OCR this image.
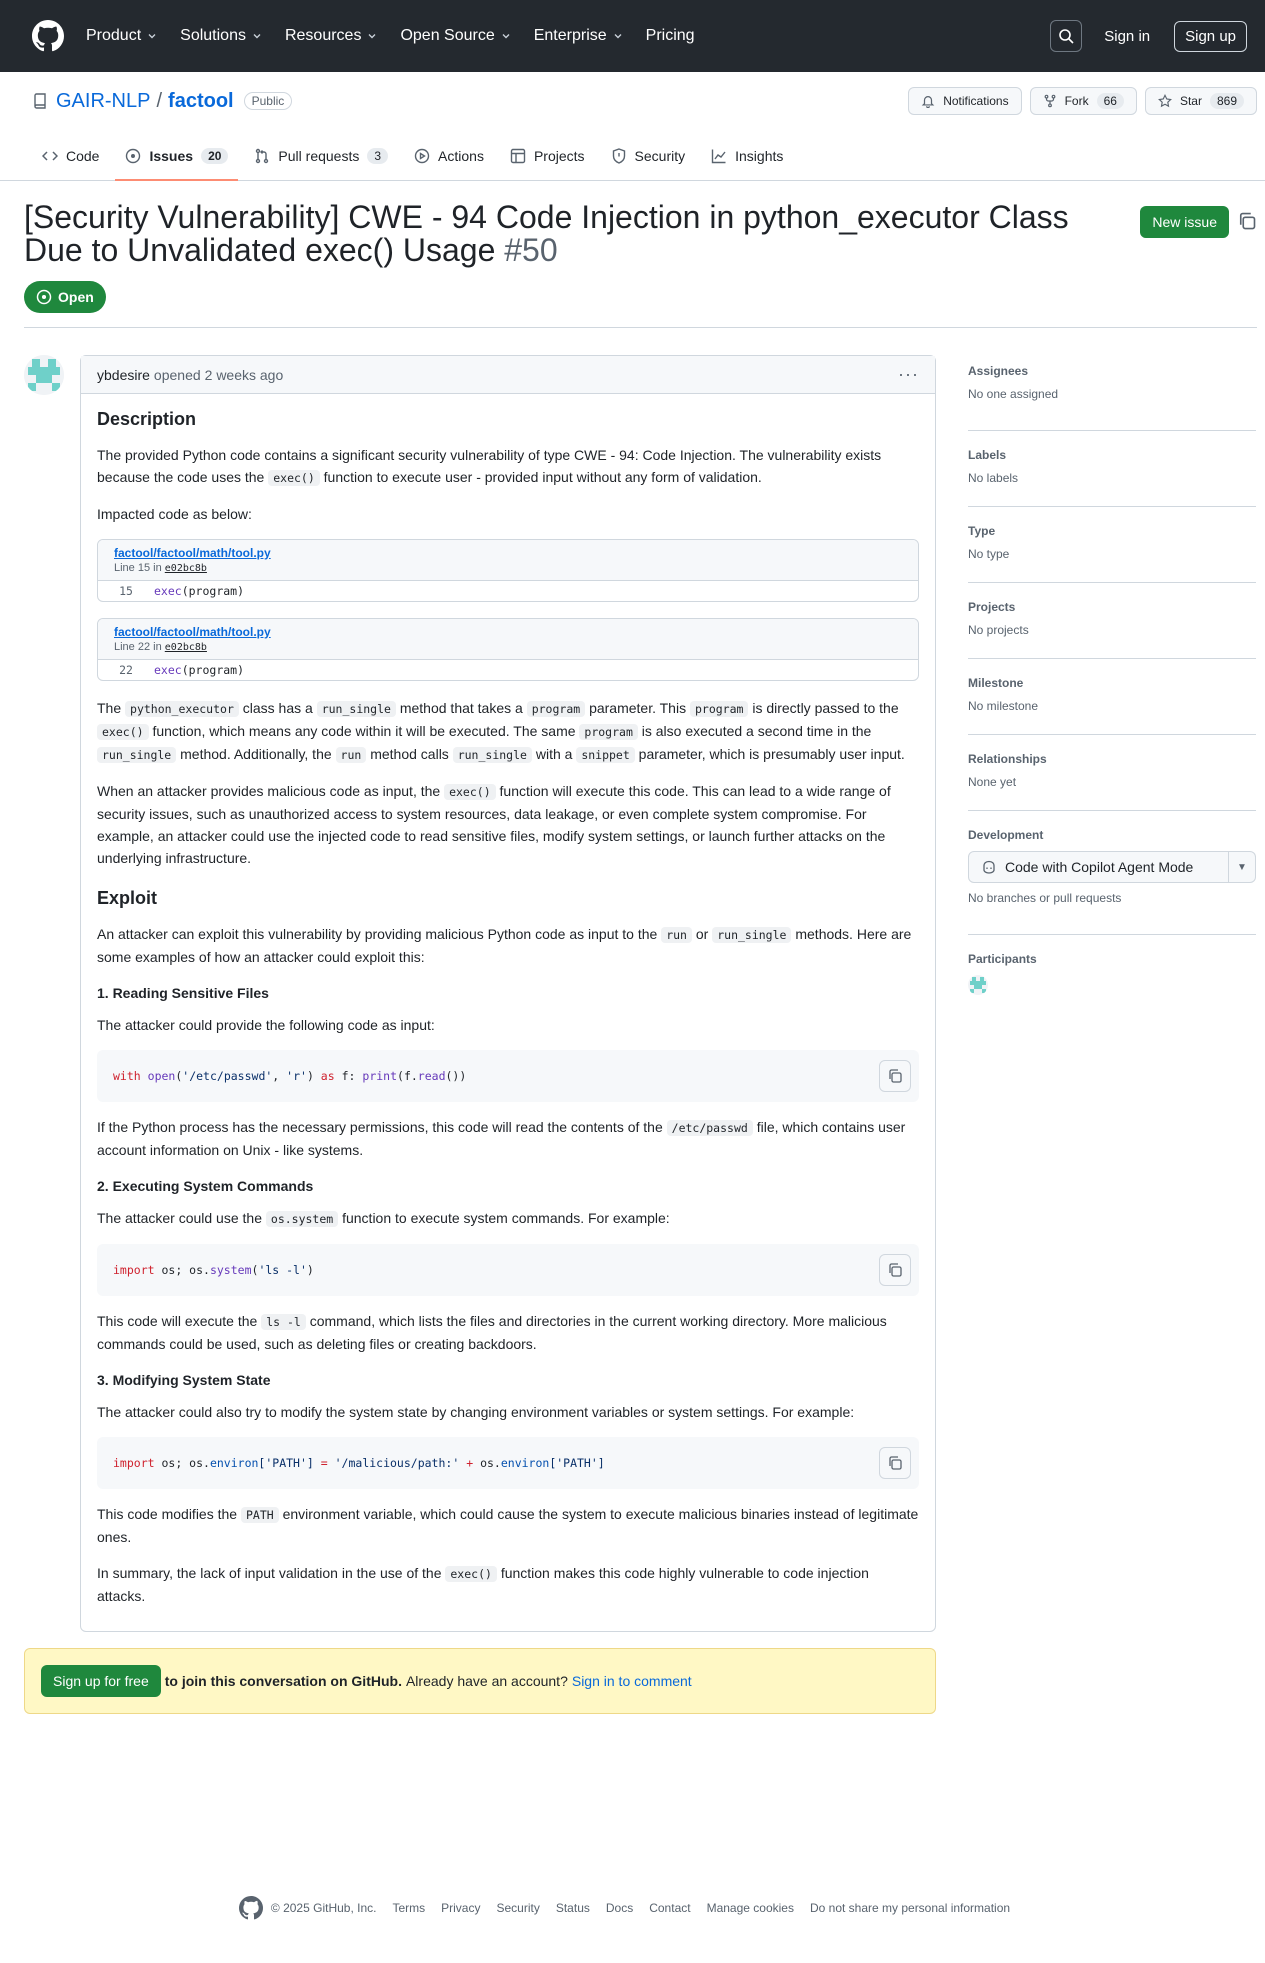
Product Solutions Resources Open Source Enterprise Pricing	Sign in	Sign up
GAIR-NLP / factool	Public	Notifications	Fork	66	Star	869
Code	Issues	20	Pull requests	3	Actions	Projects	Security	Insights
[Security Vulnerability] CWE - 94 Code Injection in python_executor Class Due to Unvalidated exec() Usage #50
New issue
Open
ybdesire opened 2 weeks ago	···
Description

The provided Python code contains a significant security vulnerability of type CWE - 94: Code Injection. The vulnerability exists because the code uses the exec() function to execute user - provided input without any form of validation.

Impacted code as below:

factool/factool/math/tool.py
Line 15 in e02bc8b
15	exec (program)
factool/factool/math/tool.py
Line 22 in e02bc8b
22	exec (program)

The python_executor class has a run_single method that takes a program parameter. This program is directly passed to the exec() function, which means any code within it will be executed. The same program is also executed a second time in the run_single method. Additionally, the run method calls run_single with a snippet parameter, which is presumably user input.

When an attacker provides malicious code as input, the exec() function will execute this code. This can lead to a wide range of security issues, such as unauthorized access to system resources, data leakage, or even complete system compromise. For example, an attacker could use the injected code to read sensitive files, modify system settings, or launch further attacks on the underlying infrastructure.

Exploit

An attacker can exploit this vulnerability by providing malicious Python code as input to the run or run_single methods. Here are some examples of how an attacker could exploit this:

1. Reading Sensitive Files

The attacker could provide the following code as input:

with open('/etc/passwd', 'r') as f: print(f.read())

If the Python process has the necessary permissions, this code will read the contents of the /etc/passwd file, which contains user account information on Unix - like systems.

2. Executing System Commands

The attacker could use the os.system function to execute system commands. For example:

import os; os.system('ls -l')

This code will execute the ls -l command, which lists the files and directories in the current working directory. More malicious commands could be used, such as deleting files or creating backdoors.

3. Modifying System State

The attacker could also try to modify the system state by changing environment variables or system settings. For example:

import os; os.environ['PATH'] = '/malicious/path:' + os.environ['PATH']

This code modifies the PATH environment variable, which could cause the system to execute malicious binaries instead of legitimate ones.

In summary, the lack of input validation in the use of the exec() function makes this code highly vulnerable to code injection attacks.

Sign up for free	to join this conversation on GitHub. Already have an account? Sign in to comment
Assignees
No one assigned
Labels
No labels
Type
No type
Projects
No projects
Milestone
No milestone
Relationships
None yet
Development
Code with Copilot Agent Mode	▼
No branches or pull requests
Participants
© 2025 GitHub, Inc. Terms Privacy Security Status Docs Contact Manage cookies Do not share my personal information
